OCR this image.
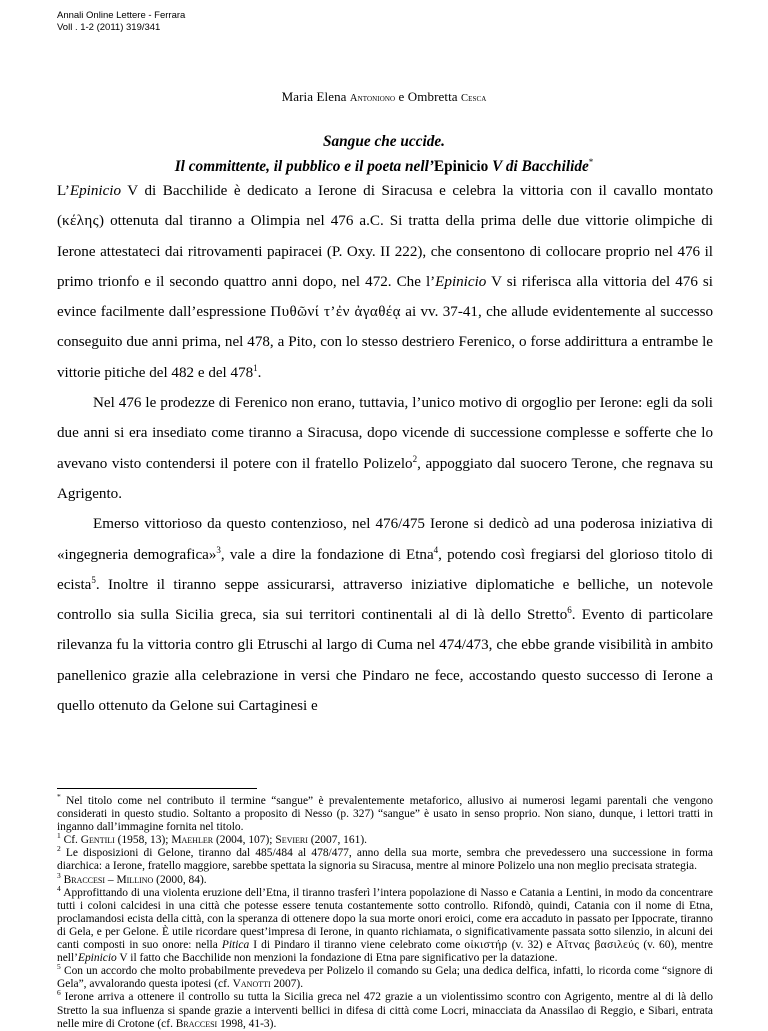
Annali Online Lettere - Ferrara
Voll . 1-2 (2011) 319/341
Maria Elena Antoniono e Ombretta Cesca
Sangue che uccide.
Il committente, il pubblico e il poeta nell’Epinicio V di Bacchilide*

L’Epinicio V di Bacchilide è dedicato a Ierone di Siracusa e celebra la vittoria con il cavallo montato (κέλης) ottenuta dal tiranno a Olimpia nel 476 a.C. Si tratta della prima delle due vittorie olimpiche di Ierone attestateci dai ritrovamenti papiracei (P. Oxy. II 222), che consentono di collocare proprio nel 476 il primo trionfo e il secondo quattro anni dopo, nel 472. Che l’Epinicio V si riferisca alla vittoria del 476 si evince facilmente dall’espressione Πυθῶνί τ’ἐν ἀγαθέᾳ ai vv. 37-41, che allude evidentemente al successo conseguito due anni prima, nel 478, a Pito, con lo stesso destriero Ferenico, o forse addirittura a entrambe le vittorie pitiche del 482 e del $478^1$.

Nel 476 le prodezze di Ferenico non erano, tuttavia, l’unico motivo di orgoglio per Ierone: egli da soli due anni si era insediato come tiranno a Siracusa, dopo vicende di successione complesse e sofferte che lo avevano visto contendersi il potere con il fratello Polizelo$^2$, appoggiato dal suocero Terone, che regnava su Agrigento.

Emerso vittorioso da questo contenzioso, nel 476/475 Ierone si dedicò ad una poderosa iniziativa di «ingegneria demografica»$^3$, vale a dire la fondazione di Etna$^4$, potendo così fregiarsi del glorioso titolo di ecista$^5$. Inoltre il tiranno seppe assicurarsi, attraverso iniziative diplomatiche e belliche, un notevole controllo sia sulla Sicilia greca, sia sui territori continentali al di là dello Stretto$^6$. Evento di particolare rilevanza fu la vittoria contro gli Etruschi al largo di Cuma nel 474/473, che ebbe grande visibilità in ambito panellenico grazie alla celebrazione in versi che Pindaro ne fece, accostando questo successo di Ierone a quello ottenuto da Gelone sui Cartaginesi e

* Nel titolo come nel contributo il termine “sangue” è prevalentemente metaforico, allusivo ai numerosi legami parentali che vengono considerati in questo studio. Soltanto a proposito di Nesso (p. 327) “sangue” è usato in senso proprio. Non siano, dunque, i lettori tratti in inganno dall’immagine fornita nel titolo.

$^1$ Cf. Gentili (1958, 13); Maehler (2004, 107); Sevieri (2007, 161).

$^2$ Le disposizioni di Gelone, tiranno dal 485/484 al 478/477, anno della sua morte, sembra che prevedessero una successione in forma diarchica: a Ierone, fratello maggiore, sarebbe spettata la signoria su Siracusa, mentre al minore Polizelo una non meglio precisata strategia.

$^3$ Braccesi – Millino (2000, 84).

$^4$ Approfittando di una violenta eruzione dell’Etna, il tiranno trasferì l’intera popolazione di Nasso e Catania a Lentini, in modo da concentrare tutti i coloni calcidesi in una città che potesse essere tenuta costantemente sotto controllo. Rifondò, quindi, Catania con il nome di Etna, proclamandosi ecista della città, con la speranza di ottenere dopo la sua morte onori eroici, come era accaduto in passato per Ippocrate, tiranno di Gela, e per Gelone. È utile ricordare quest’impresa di Ierone, in quanto richiamata, o significativamente passata sotto silenzio, in alcuni dei canti composti in suo onore: nella Pitica I di Pindaro il tiranno viene celebrato come οἰκιστήρ (v. 32) e Αἴτνας βασιλεύς (v. 60), mentre nell’Epinicio V il fatto che Bacchilide non menzioni la fondazione di Etna pare significativo per la datazione.

$^5$ Con un accordo che molto probabilmente prevedeva per Polizelo il comando su Gela; una dedica delfica, infatti, lo ricorda come “signore di Gela”, avvalorando questa ipotesi (cf. Vanotti 2007).

$^6$ Ierone arriva a ottenere il controllo su tutta la Sicilia greca nel 472 grazie a un violentissimo scontro con Agrigento, mentre al di là dello Stretto la sua influenza si spande grazie a interventi bellici in difesa di città come Locri, minacciata da Anassilao di Reggio, e Sibari, entrata nelle mire di Crotone (cf. Braccesi 1998, 41-3).
